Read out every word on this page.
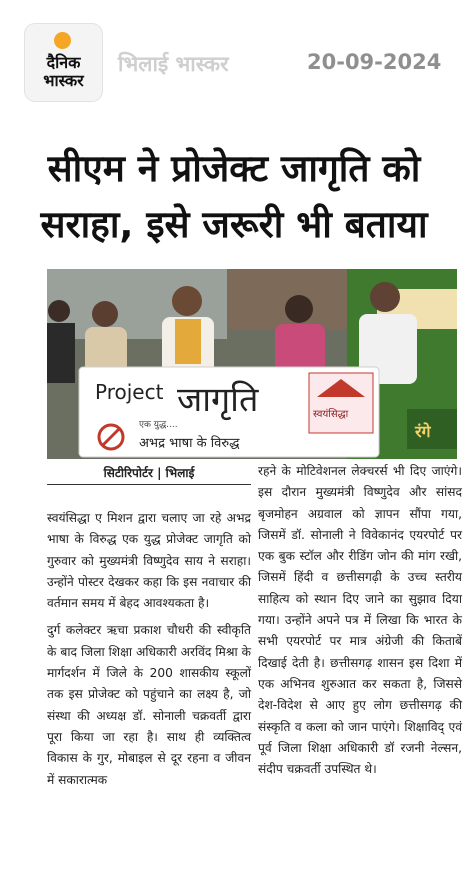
दैनिक
भास्कर
भिलाई भास्कर	20-09-2024
सीएम ने प्रोजेक्ट जागृति को
सराहा, इसे जरूरी भी बताया
रंगे
Project जागृति
एक युद्ध....
अभद्र भाषा के विरुद्ध
स्वयंसिद्धा
सिटीरिपोर्टर | भिलाई

स्वयंसिद्धा ए मिशन द्वारा चलाए जा रहे अभद्र भाषा के विरुद्ध एक युद्ध प्रोजेक्ट जागृति को गुरुवार को मुख्यमंत्री विष्णुदेव साय ने सराहा। उन्होंने पोस्टर देखकर कहा कि इस नवाचार की वर्तमान समय में बेहद आवश्यकता है।

दुर्ग कलेक्टर ऋचा प्रकाश चौधरी की स्वीकृति के बाद जिला शिक्षा अधिकारी अरविंद मिश्रा के मार्गदर्शन में जिले के 200 शासकीय स्कूलों तक इस प्रोजेक्ट को पहुंचाने का लक्ष्य है, जो संस्था की अध्यक्ष डॉ. सोनाली चक्रवर्ती द्वारा पूरा किया जा रहा है। साथ ही व्यक्तित्व विकास के गुर, मोबाइल से दूर रहना व जीवन में सकारात्मक

रहने के मोटिवेशनल लेक्चरर्स भी दिए जाएंगे। इस दौरान मुख्यमंत्री विष्णुदेव और सांसद बृजमोहन अग्रवाल को ज्ञापन सौंपा गया, जिसमें डॉ. सोनाली ने विवेकानंद एयरपोर्ट पर एक बुक स्टॉल और रीडिंग जोन की मांग रखी, जिसमें हिंदी व छत्तीसगढ़ी के उच्च स्तरीय साहित्य को स्थान दिए जाने का सुझाव दिया गया। उन्होंने अपने पत्र में लिखा कि भारत के सभी एयरपोर्ट पर मात्र अंग्रेजी की किताबें दिखाई देती है। छत्तीसगढ़ शासन इस दिशा में एक अभिनव शुरुआत कर सकता है, जिससे देश-विदेश से आए हुए लोग छत्तीसगढ़ की संस्कृति व कला को जान पाएंगे। शिक्षाविद् एवं पूर्व जिला शिक्षा अधिकारी डॉ रजनी नेल्सन, संदीप चक्रवर्ती उपस्थित थे।
